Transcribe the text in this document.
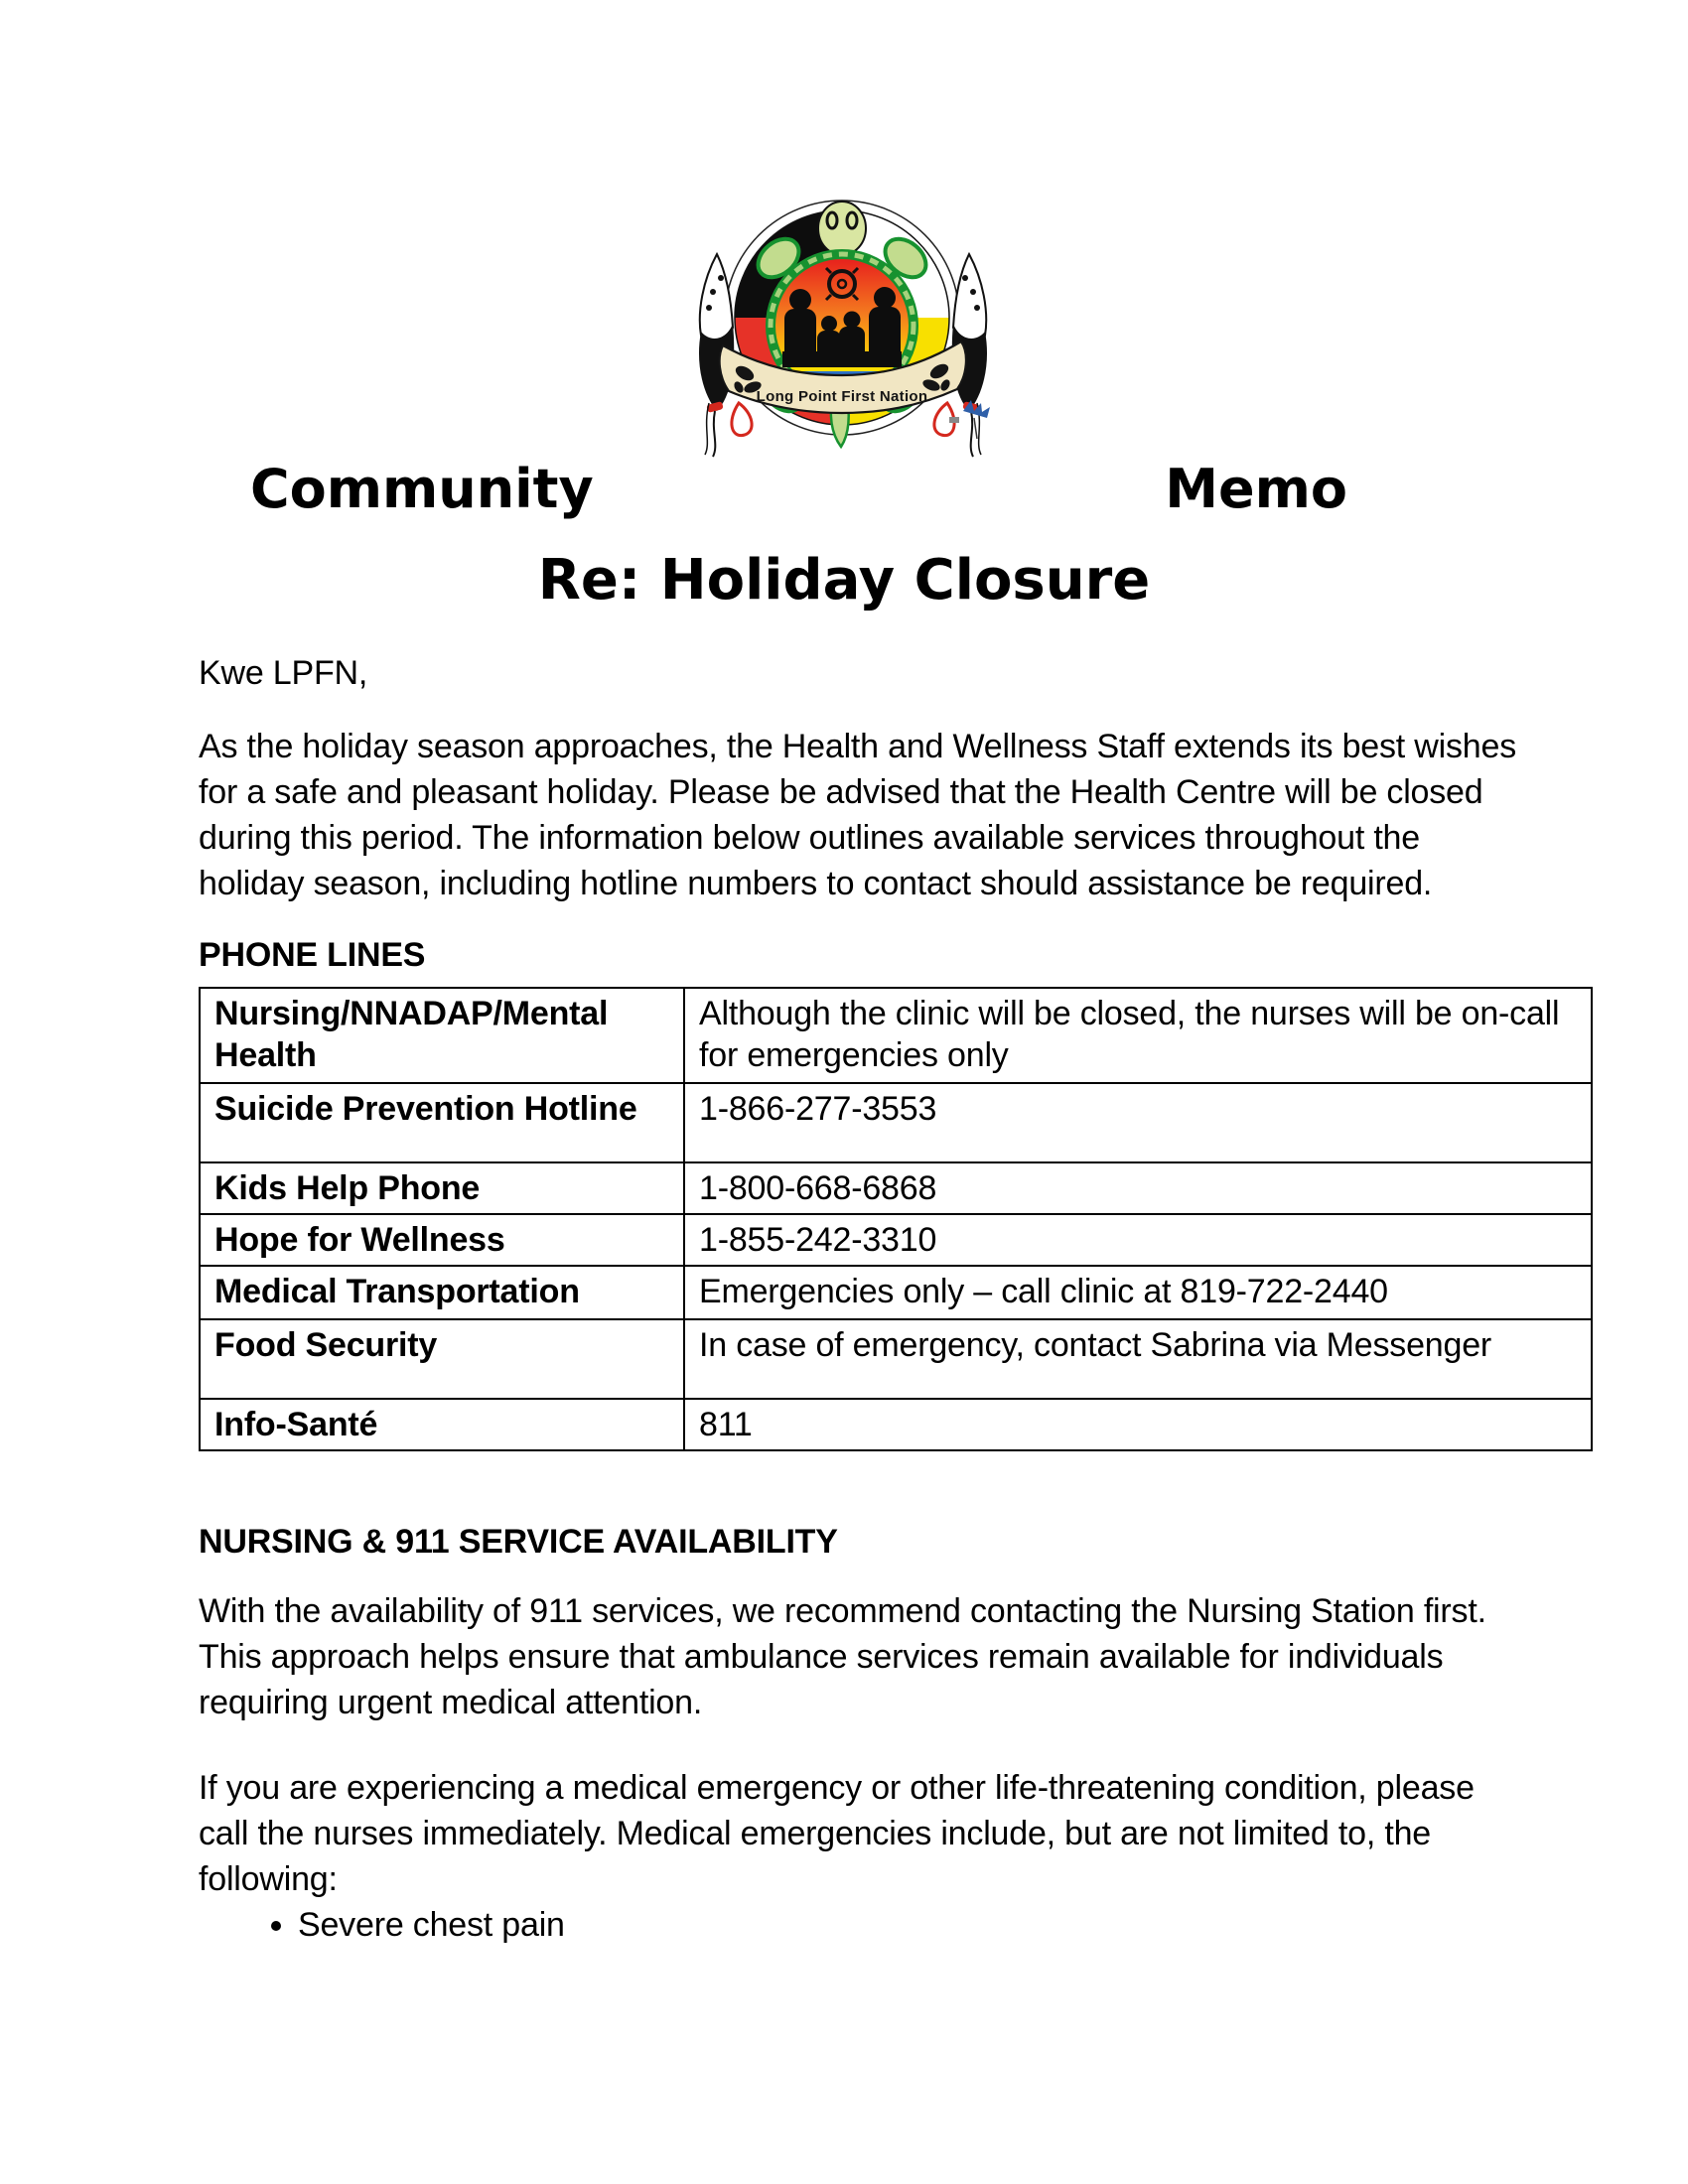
Long Point First Nation
Community	Memo
Re: Holiday Closure

Kwe LPFN,

As the holiday season approaches, the Health and Wellness Staff extends its best wishes for a safe and pleasant holiday. Please be advised that the Health Centre will be closed during this period. The information below outlines available services throughout the holiday season, including hotline numbers to contact should assistance be required.

PHONE LINES
Nursing/NNADAP/Mental Health	Although the clinic will be closed, the nurses will be on-call for emergencies only
Suicide Prevention Hotline	1-866-277-3553
Kids Help Phone	1-800-668-6868
Hope for Wellness	1-855-242-3310
Medical Transportation	Emergencies only – call clinic at 819-722-2440
Food Security	In case of emergency, contact Sabrina via Messenger
Info-Santé	811
NURSING & 911 SERVICE AVAILABILITY

With the availability of 911 services, we recommend contacting the Nursing Station first. This approach helps ensure that ambulance services remain available for individuals requiring urgent medical attention.

If you are experiencing a medical emergency or other life-threatening condition, please call the nurses immediately. Medical emergencies include, but are not limited to, the following:

• Severe chest pain
